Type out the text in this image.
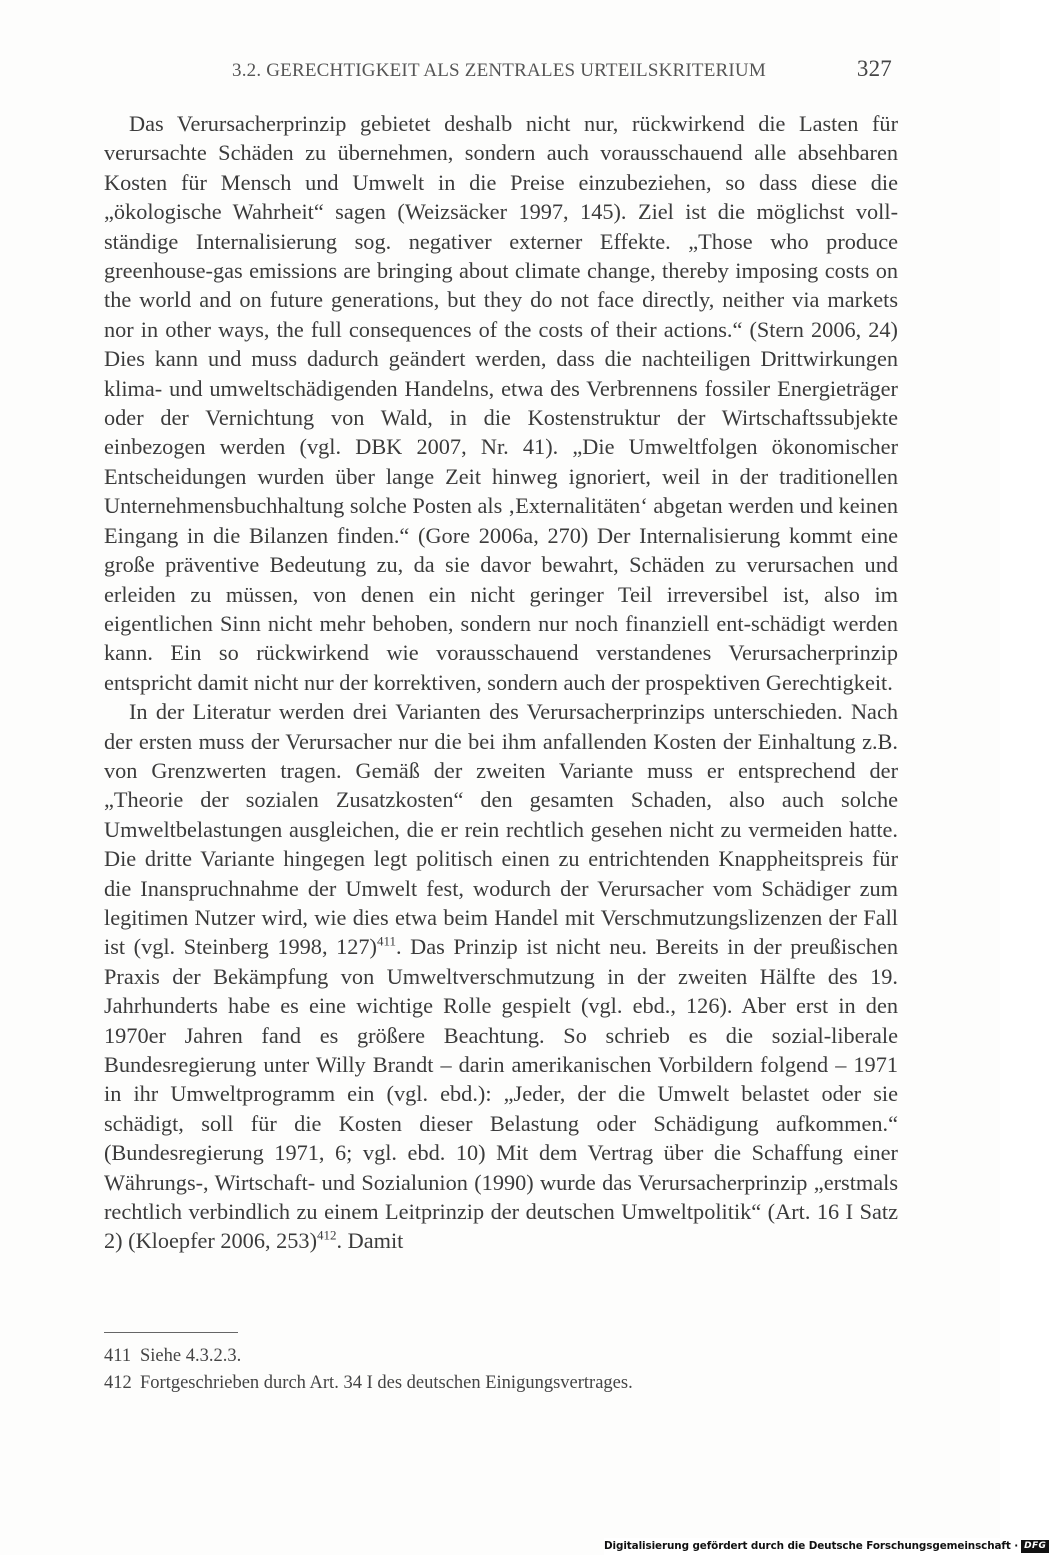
3.2. GERECHTIGKEIT ALS ZENTRALES URTEILSKRITERIUM	327

Das Verursacherprinzip gebietet deshalb nicht nur, rückwirkend die Lasten für verursachte Schäden zu übernehmen, sondern auch vorausschauend alle absehbaren Kosten für Mensch und Umwelt in die Preise einzubeziehen, so dass diese die „ökologische Wahrheit“ sagen (Weizsäcker 1997, 145). Ziel ist die möglichst vollständige Internalisierung sog. negativer externer Effekte. „Those who produce greenhouse-gas emissions are bringing about climate change, thereby imposing costs on the world and on future generations, but they do not face directly, neither via markets nor in other ways, the full consequences of the costs of their actions.“ (Stern 2006, 24) Dies kann und muss dadurch geändert werden, dass die nachteiligen Drittwirkungen klima- und umweltschädigenden Handelns, etwa des Verbrennens fossiler Energieträger oder der Vernichtung von Wald, in die Kostenstruktur der Wirtschaftssubjekte einbezogen werden (vgl. DBK 2007, Nr. 41). „Die Umweltfolgen ökonomischer Entscheidungen wurden über lange Zeit hinweg ignoriert, weil in der traditionellen Unternehmensbuchhaltung solche Posten als ‚Externalitäten‘ abgetan werden und keinen Eingang in die Bilanzen finden.“ (Gore 2006a, 270) Der Internalisierung kommt eine große präventive Bedeutung zu, da sie davor bewahrt, Schäden zu verursachen und erleiden zu müssen, von denen ein nicht geringer Teil irreversibel ist, also im eigentlichen Sinn nicht mehr behoben, sondern nur noch finanziell ent-schädigt werden kann. Ein so rückwirkend wie vorausschauend verstandenes Verursacherprinzip entspricht damit nicht nur der korrektiven, sondern auch der prospektiven Gerechtigkeit.

In der Literatur werden drei Varianten des Verursacherprinzips unterschieden. Nach der ersten muss der Verursacher nur die bei ihm anfallenden Kosten der Einhaltung z.B. von Grenzwerten tragen. Gemäß der zweiten Variante muss er entsprechend der „Theorie der sozialen Zusatzkosten“ den gesamten Schaden, also auch solche Umweltbelastungen ausgleichen, die er rein rechtlich gesehen nicht zu vermeiden hatte. Die dritte Variante hingegen legt politisch einen zu entrichtenden Knappheitspreis für die Inanspruchnahme der Umwelt fest, wodurch der Verursacher vom Schädiger zum legitimen Nutzer wird, wie dies etwa beim Handel mit Verschmutzungslizenzen der Fall ist (vgl. Steinberg 1998, 127)$^{411}$. Das Prinzip ist nicht neu. Bereits in der preußischen Praxis der Bekämpfung von Umweltverschmutzung in der zweiten Hälfte des 19. Jahrhunderts habe es eine wichtige Rolle gespielt (vgl. ebd., 126). Aber erst in den 1970er Jahren fand es größere Beachtung. So schrieb es die sozial-liberale Bundesregierung unter Willy Brandt – darin amerikanischen Vorbildern folgend – 1971 in ihr Umweltprogramm ein (vgl. ebd.): „Jeder, der die Umwelt belastet oder sie schädigt, soll für die Kosten dieser Belastung oder Schädigung aufkommen.“ (Bundesregierung 1971, 6; vgl. ebd. 10) Mit dem Vertrag über die Schaffung einer Währungs-, Wirtschaft- und Sozialunion (1990) wurde das Verursacherprinzip „erstmals rechtlich verbindlich zu einem Leitprinzip der deutschen Umweltpolitik“ (Art. 16 I Satz 2) (Kloepfer 2006, 253)$^{412}$. Damit

411 Siehe 4.3.2.3.

412 Fortgeschrieben durch Art. 34 I des deutschen Einigungsvertrages.

Digitalisierung gefördert durch die Deutsche Forschungsgemeinschaft · DFG
